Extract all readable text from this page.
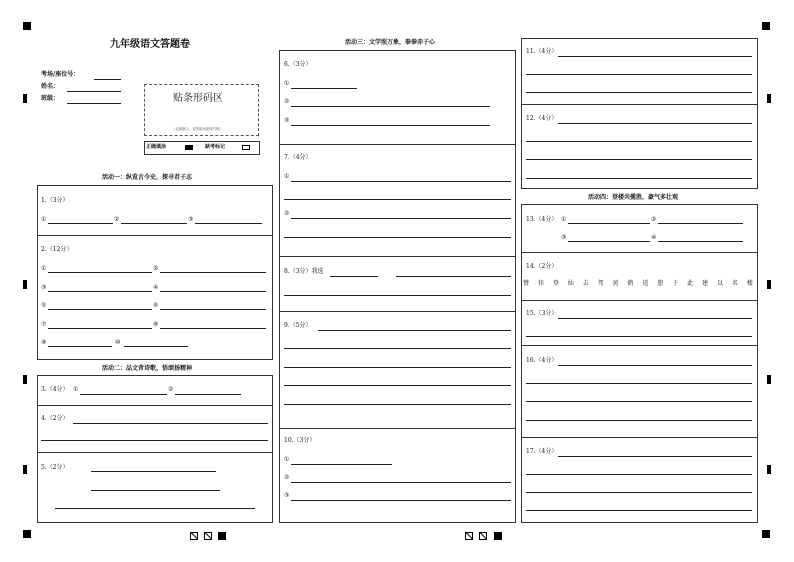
九年级语文答题卷
考场/座位号：
姓名：
班级：	贴条形码区
（正面朝上，切勿贴出虚线方框）
正确填涂	缺考标记
活动一：纵览古今史，探寻君子志
1.（3分）
①	②	③
2.（12分）
①	②
③	④
⑤	⑥
⑦	⑧
⑨	⑩
活动二：品文背诗歌，悟颂扬精神
3.（4分） ①	②
4.（2分）
5.（2分）
活动三：文学照万象，拳拳赤子心
6.（3分）
①
②
③
7.（4分）
①
②
8.（3分）我选
9.（5分）
10.（3分）
①
②
③
11.（4分）
12.（4分）
活动四：登楼共揽胜，豪气多壮观
13.（4分） ①	②
③	④
14.（2分）
赞 祎 登 仙 去 驾 黄 鹤 返 憩 于 此 建 以 名 楼
15.（3分）
16.（4分）
17.（4分）
